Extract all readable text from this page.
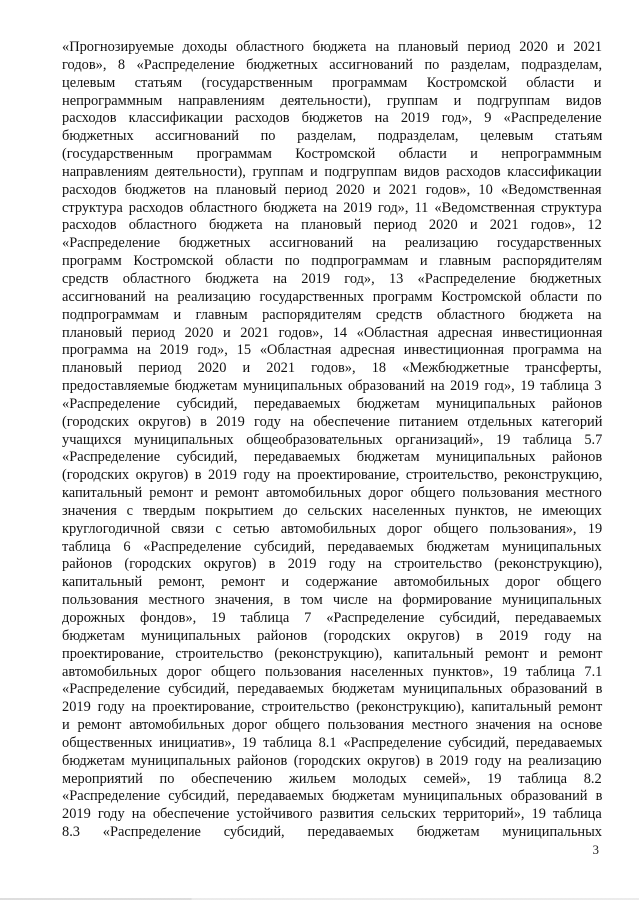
«Прогнозируемые доходы областного бюджета на плановый период 2020 и 2021
годов», 8 «Распределение бюджетных ассигнований по разделам, подразделам,
целевым статьям (государственным программам Костромской области и
непрограммным направлениям деятельности), группам и подгруппам видов
расходов классификации расходов бюджетов на 2019 год», 9 «Распределение
бюджетных ассигнований по разделам, подразделам, целевым статьям
(государственным программам Костромской области и непрограммным
направлениям деятельности), группам и подгруппам видов расходов классификации
расходов бюджетов на плановый период 2020 и 2021 годов», 10 «Ведомственная
структура расходов областного бюджета на 2019 год», 11 «Ведомственная структура
расходов областного бюджета на плановый период 2020 и 2021 годов», 12
«Распределение бюджетных ассигнований на реализацию государственных
программ Костромской области по подпрограммам и главным распорядителям
средств областного бюджета на 2019 год», 13 «Распределение бюджетных
ассигнований на реализацию государственных программ Костромской области по
подпрограммам и главным распорядителям средств областного бюджета на
плановый период 2020 и 2021 годов», 14 «Областная адресная инвестиционная
программа на 2019 год», 15 «Областная адресная инвестиционная программа на
плановый период 2020 и 2021 годов», 18 «Межбюджетные трансферты,
предоставляемые бюджетам муниципальных образований на 2019 год», 19 таблица 3
«Распределение субсидий, передаваемых бюджетам муниципальных районов
(городских округов) в 2019 году на обеспечение питанием отдельных категорий
учащихся муниципальных общеобразовательных организаций», 19 таблица 5.7
«Распределение субсидий, передаваемых бюджетам муниципальных районов
(городских округов) в 2019 году на проектирование, строительство, реконструкцию,
капитальный ремонт и ремонт автомобильных дорог общего пользования местного
значения с твердым покрытием до сельских населенных пунктов, не имеющих
круглогодичной связи с сетью автомобильных дорог общего пользования», 19
таблица 6 «Распределение субсидий, передаваемых бюджетам муниципальных
районов (городских округов) в 2019 году на строительство (реконструкцию),
капитальный ремонт, ремонт и содержание автомобильных дорог общего
пользования местного значения, в том числе на формирование муниципальных
дорожных фондов», 19 таблица 7 «Распределение субсидий, передаваемых
бюджетам муниципальных районов (городских округов) в 2019 году на
проектирование, строительство (реконструкцию), капитальный ремонт и ремонт
автомобильных дорог общего пользования населенных пунктов», 19 таблица 7.1
«Распределение субсидий, передаваемых бюджетам муниципальных образований в
2019 году на проектирование, строительство (реконструкцию), капитальный ремонт
и ремонт автомобильных дорог общего пользования местного значения на основе
общественных инициатив», 19 таблица 8.1 «Распределение субсидий, передаваемых
бюджетам муниципальных районов (городских округов) в 2019 году на реализацию
мероприятий по обеспечению жильем молодых семей», 19 таблица 8.2
«Распределение субсидий, передаваемых бюджетам муниципальных образований в
2019 году на обеспечение устойчивого развития сельских территорий», 19 таблица
8.3 «Распределение субсидий, передаваемых бюджетам муниципальных
3
